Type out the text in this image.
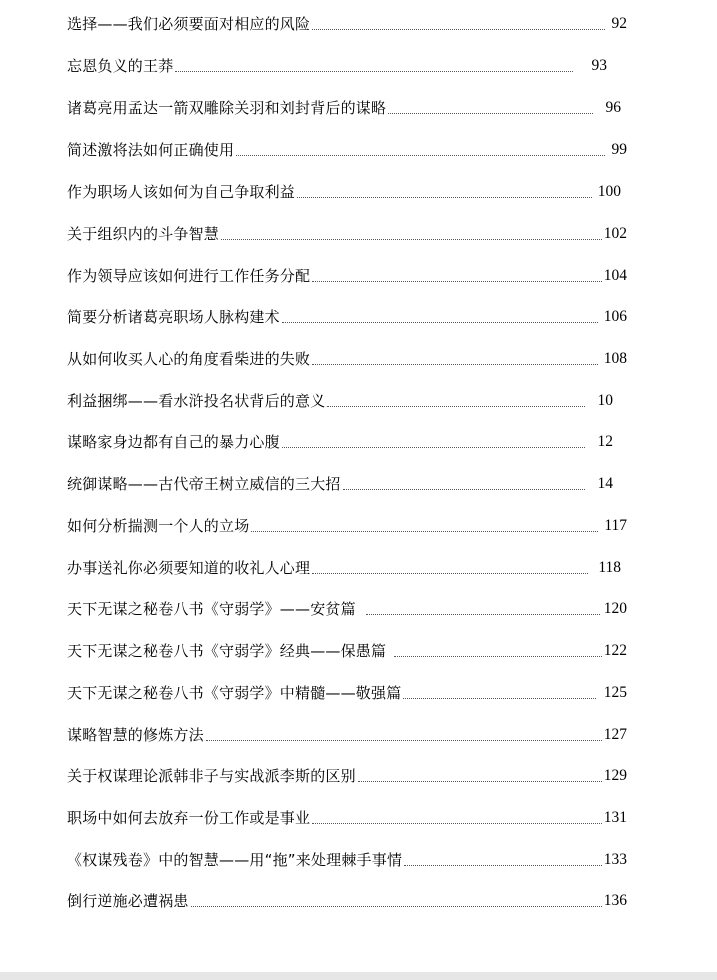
选择——我们必须要面对相应的风险	92
忘恩负义的王莽	93
诸葛亮用孟达一箭双雕除关羽和刘封背后的谋略	96
简述激将法如何正确使用	99
作为职场人该如何为自己争取利益	100
关于组织内的斗争智慧	102
作为领导应该如何进行工作任务分配	104
简要分析诸葛亮职场人脉构建术	106
从如何收买人心的角度看柴进的失败	108
利益捆绑——看水浒投名状背后的意义	10
谋略家身边都有自己的暴力心腹	12
统御谋略——古代帝王树立威信的三大招	14
如何分析揣测一个人的立场	117
办事送礼你必须要知道的收礼人心理	118
天下无谋之秘卷八书《守弱学》——安贫篇	120
天下无谋之秘卷八书《守弱学》经典——保愚篇	122
天下无谋之秘卷八书《守弱学》中精髓——敬强篇	125
谋略智慧的修炼方法	127
关于权谋理论派韩非子与实战派李斯的区别	129
职场中如何去放弃一份工作或是事业	131
《权谋残卷》中的智慧——用“拖”来处理棘手事情	133
倒行逆施必遭祸患	136
